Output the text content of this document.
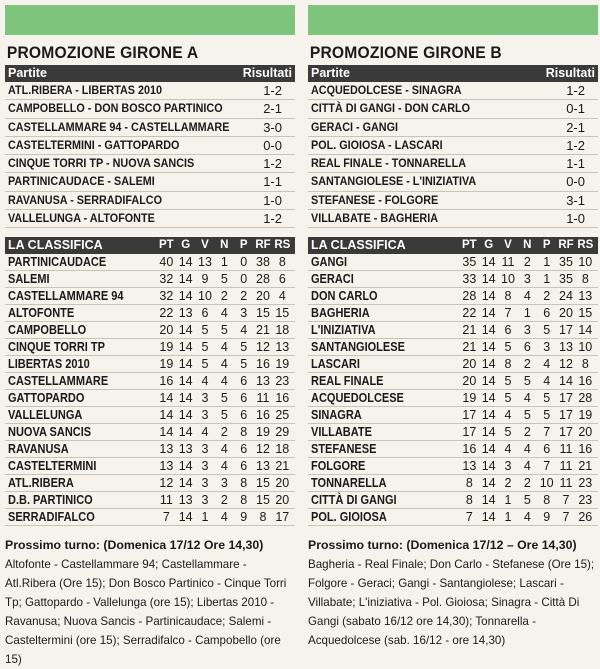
PROMOZIONE GIRONE A
Partite	Risultati
ATL.RIBERA - LIBERTAS 2010	1-2
CAMPOBELLO - DON BOSCO PARTINICO	2-1
CASTELLAMMARE 94 - CASTELLAMMARE	3-0
CASTELTERMINI - GATTOPARDO	0-0
CINQUE TORRI TP - NUOVA SANCIS	1-2
PARTINICAUDACE - SALEMI	1-1
RAVANUSA - SERRADIFALCO	1-0
VALLELUNGA - ALTOFONTE	1-2
LA CLASSIFICA	PT G V N P RF RS
PARTINICAUDACE	40 14 13 1 0 38 8
SALEMI	32 14 9 5 0 28 6
CASTELLAMMARE 94	32 14 10 2 2 20 4
ALTOFONTE	22 13 6 4 3 15 15
CAMPOBELLO	20 14 5 5 4 21 18
CINQUE TORRI TP	19 14 5 4 5 12 13
LIBERTAS 2010	19 14 5 4 5 16 19
CASTELLAMMARE	16 14 4 4 6 13 23
GATTOPARDO	14 14 3 5 6 11 16
VALLELUNGA	14 14 3 5 6 16 25
NUOVA SANCIS	14 14 4 2 8 19 29
RAVANUSA	13 13 3 4 6 12 18
CASTELTERMINI	13 14 3 4 6 13 21
ATL.RIBERA	12 14 3 3 8 15 20
D.B. PARTINICO	11 13 3 2 8 15 20
SERRADIFALCO	7 14 1 4 9 8 17
Prossimo turno: (Domenica 17/12 Ore 14,30)
Altofonte - Castellammare 94; Castellammare - Atl.Ribera (Ore 15); Don Bosco Partinico - Cinque Torri Tp; Gattopardo - Vallelunga (ore 15); Libertas 2010 - Ravanusa; Nuova Sancis - Partinicaudace; Salemi - Casteltermini (ore 15); Serradifalco - Campobello (ore 15)
PROMOZIONE GIRONE B
Partite	Risultati
ACQUEDOLCESE - SINAGRA	1-2
CITTÀ DI GANGI - DON CARLO	0-1
GERACI - GANGI	2-1
POL. GIOIOSA - LASCARI	1-2
REAL FINALE - TONNARELLA	1-1
SANTANGIOLESE - L'INIZIATIVA	0-0
STEFANESE - FOLGORE	3-1
VILLABATE - BAGHERIA	1-0
LA CLASSIFICA	PT G V N P RF RS
GANGI	35 14 11 2 1 35 10
GERACI	33 14 10 3 1 35 8
DON CARLO	28 14 8 4 2 24 13
BAGHERIA	22 14 7 1 6 20 15
L'INIZIATIVA	21 14 6 3 5 17 14
SANTANGIOLESE	21 14 5 6 3 13 10
LASCARI	20 14 8 2 4 12 8
REAL FINALE	20 14 5 5 4 14 16
ACQUEDOLCESE	19 14 5 4 5 17 28
SINAGRA	17 14 4 5 5 17 19
VILLABATE	17 14 5 2 7 17 20
STEFANESE	16 14 4 4 6 11 16
FOLGORE	13 14 3 4 7 11 21
TONNARELLA	8 14 2 2 10 11 23
CITTÀ DI GANGI	8 14 1 5 8 7 23
POL. GIOIOSA	7 14 1 4 9 7 26
Prossimo turno: (Domenica 17/12 – Ore 14,30)
Bagheria - Real Finale; Don Carlo - Stefanese (Ore 15); Folgore - Geraci; Gangi - Santangiolese; Lascari - Villabate; L'iniziativa - Pol. Gioiosa; Sinagra - Città Di Gangi (sabato 16/12 ore 14,30); Tonnarella - Acquedolcese (sab. 16/12 - ore 14,30)
